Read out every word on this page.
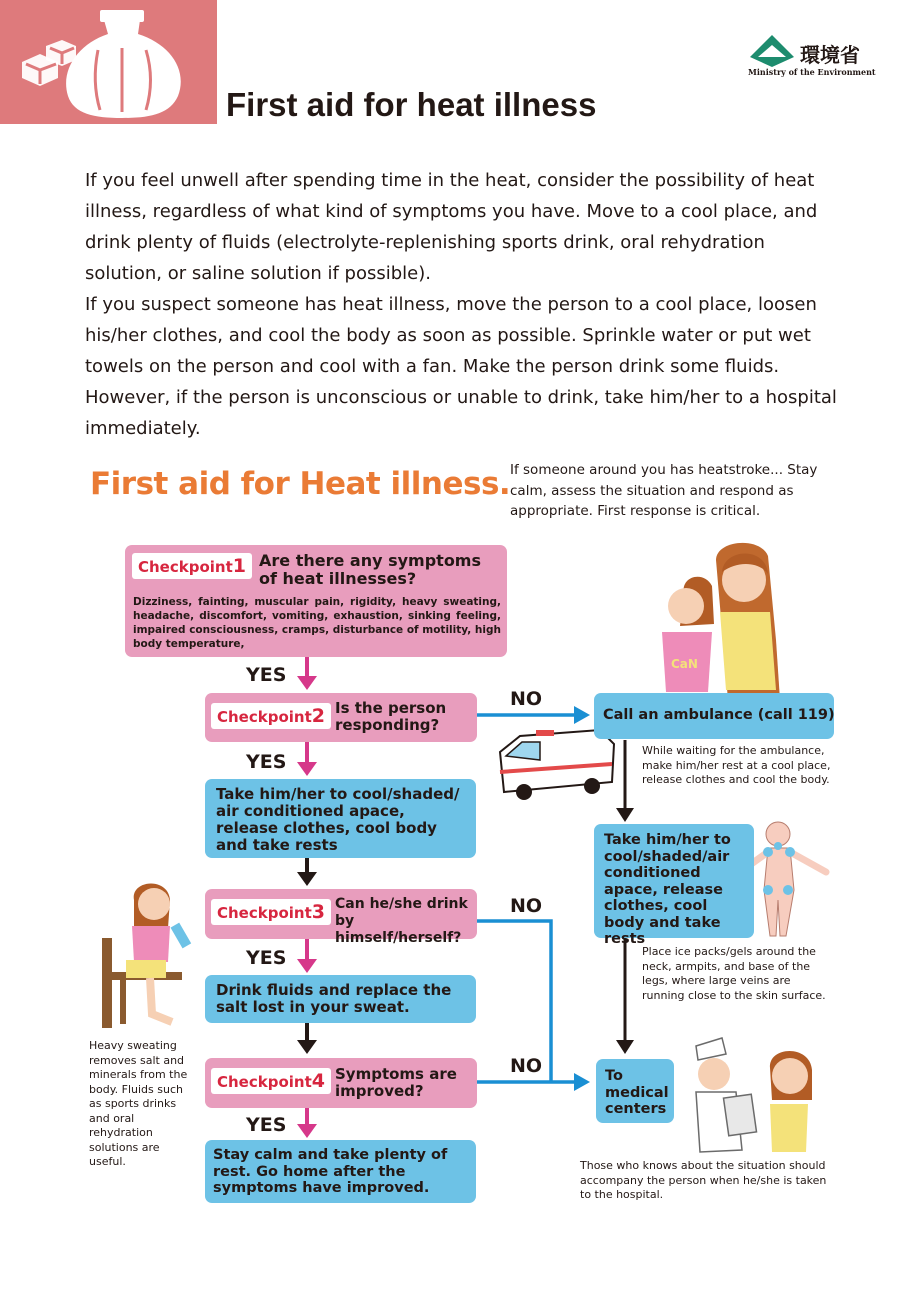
First aid for heat illness
環境省
Ministry of the Environment

If you feel unwell after spending time in the heat, consider the possibility of heat illness, regardless of what kind of symptoms you have. Move to a cool place, and drink plenty of fluids (electrolyte-replenishing sports drink, oral rehydration solution, or saline solution if possible).

If you suspect someone has heat illness, move the person to a cool place, loosen his/her clothes, and cool the body as soon as possible. Sprinkle water or put wet towels on the person and cool with a fan. Make the person drink some fluids. However, if the person is unconscious or unable to drink, take him/her to a hospital immediately.

First aid for Heat illness. If someone around you has heatstroke... Stay calm, assess the situation and respond as appropriate. First response is critical.
CaN
Checkpoint1 Are there any symptoms of heat illnesses?
Dizziness, fainting, muscular pain, rigidity, heavy sweating, headache, discomfort, vomiting, exhaustion, sinking feeling, impaired consciousness, cramps, disturbance of motility, high body temperature,
YES
Checkpoint2 Is the person responding?
YES
NO
Take him/her to cool/shaded/ air conditioned apace, release clothes, cool body and take rests
Checkpoint3 Can he/she drink by himself/herself?
YES
NO
Drink fluids and replace the salt lost in your sweat.
Checkpoint4 Symptoms are improved?
YES
NO
Stay calm and take plenty of rest. Go home after the symptoms have improved.
Call an ambulance (call 119)
While waiting for the ambulance, make him/her rest at a cool place, release clothes and cool the body.
Take him/her to cool/shaded/air conditioned apace, release clothes, cool body and take rests
Place ice packs/gels around the neck, armpits, and base of the legs, where large veins are running close to the skin surface.
To medical centers
Those who knows about the situation should accompany the person when he/she is taken to the hospital.
Heavy sweating removes salt and minerals from the body. Fluids such as sports drinks and oral rehydration solutions are useful.
